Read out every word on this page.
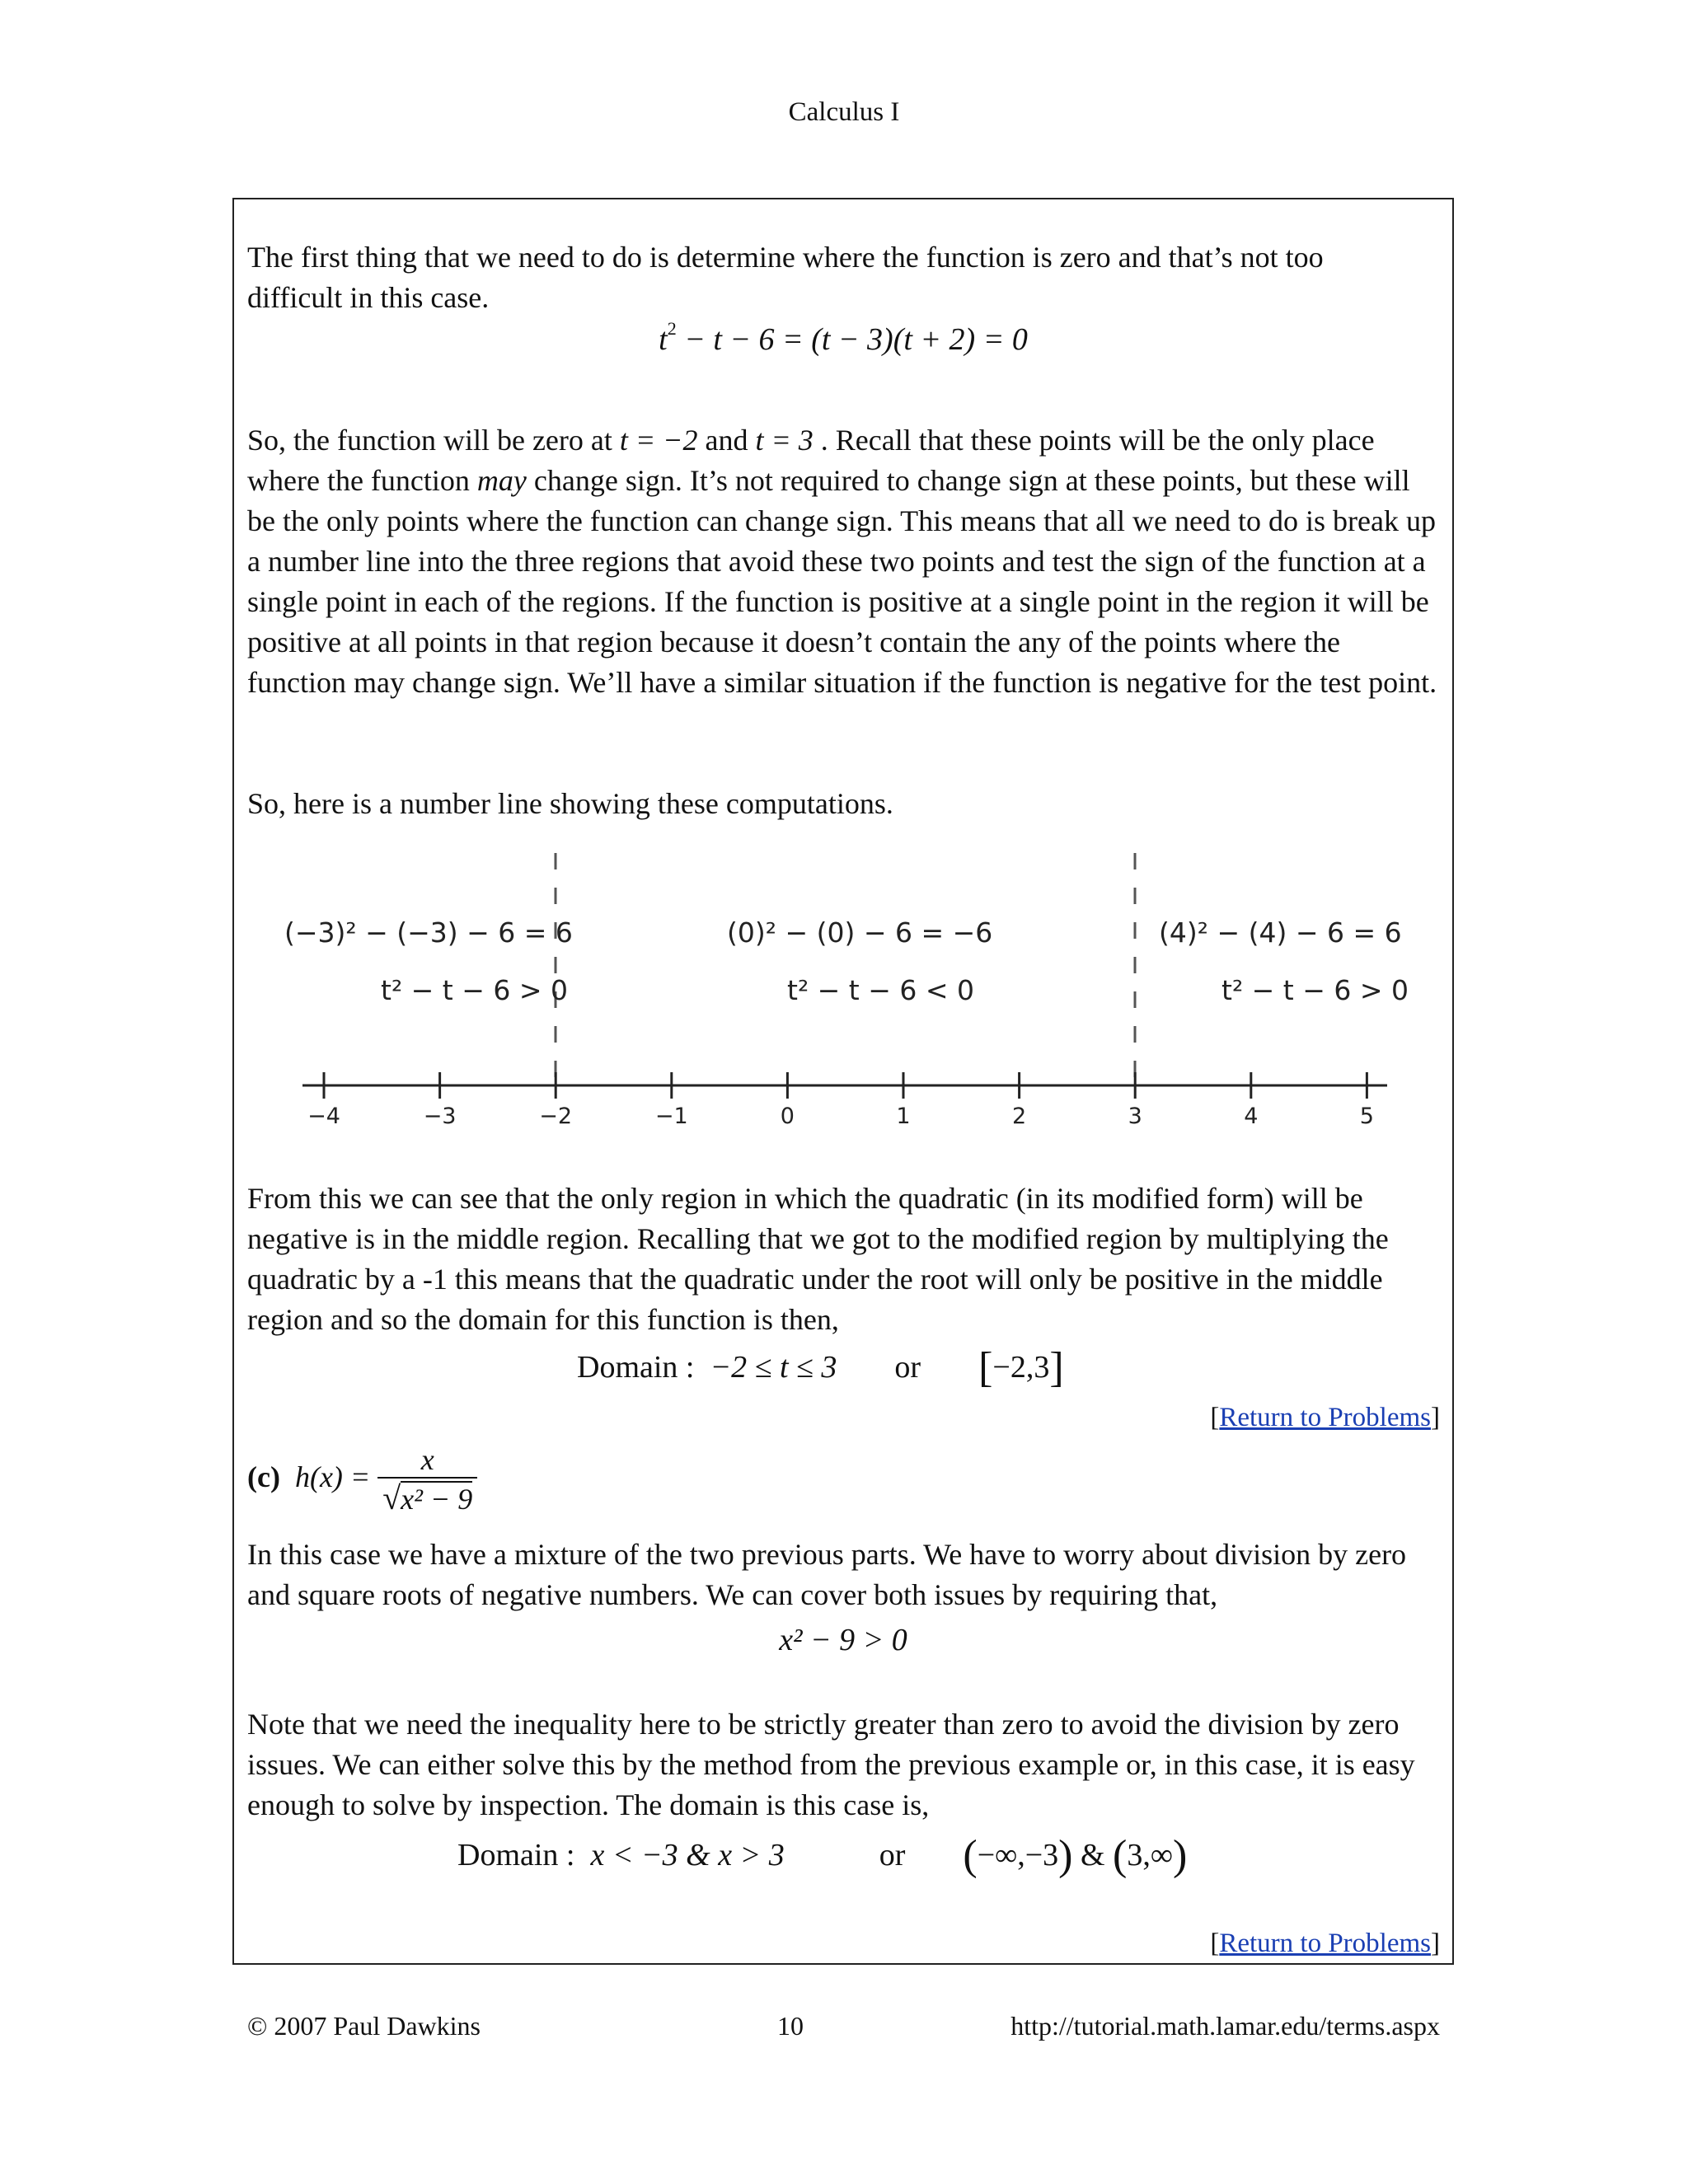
Calculus I

The first thing that we need to do is determine where the function is zero and that’s not too

difficult in this case.

$t^2 - t - 6 = (t - 3)(t + 2) = 0$

So, the function will be zero at t = −2 and t = 3 . Recall that these points will be the only place where the function may change sign. It’s not required to change sign at these points, but these will be the only points where the function can change sign. This means that all we need to do is break up a number line into the three regions that avoid these two points and test the sign of the function at a single point in each of the regions. If the function is positive at a single point in the region it will be positive at all points in that region because it doesn’t contain the any of the points where the function may change sign. We’ll have a similar situation if the function is negative for the test point.

So, here is a number line showing these computations.

−4	−3	−2	−1	0	1	2	3	4	5
(−3)² − (−3) − 6 = 6
t² − t − 6 > 0
(0)² − (0) − 6 = −6
t² − t − 6 < 0
(4)² − (4) − 6 = 6
t² − t − 6 > 0

From this we can see that the only region in which the quadratic (in its modified form) will be negative is in the middle region. Recalling that we got to the modified region by multiplying the quadratic by a -1 this means that the quadratic under the root will only be positive in the middle region and so the domain for this function is then,

Domain : −2 ≤ t ≤ 3 or [−2,3]
[Return to Problems]
(c) $h(x) = \frac{x}{\text{√x² − 9}}$

In this case we have a mixture of the two previous parts. We have to worry about division by zero and square roots of negative numbers. We can cover both issues by requiring that,

x² − 9 > 0

Note that we need the inequality here to be strictly greater than zero to avoid the division by zero issues. We can either solve this by the method from the previous example or, in this case, it is easy enough to solve by inspection. The domain is this case is,

Domain : x < −3 & x > 3	or (−∞,−3) & (3,∞)
[Return to Problems]
© 2007 Paul Dawkins	10	http://tutorial.math.lamar.edu/terms.aspx
